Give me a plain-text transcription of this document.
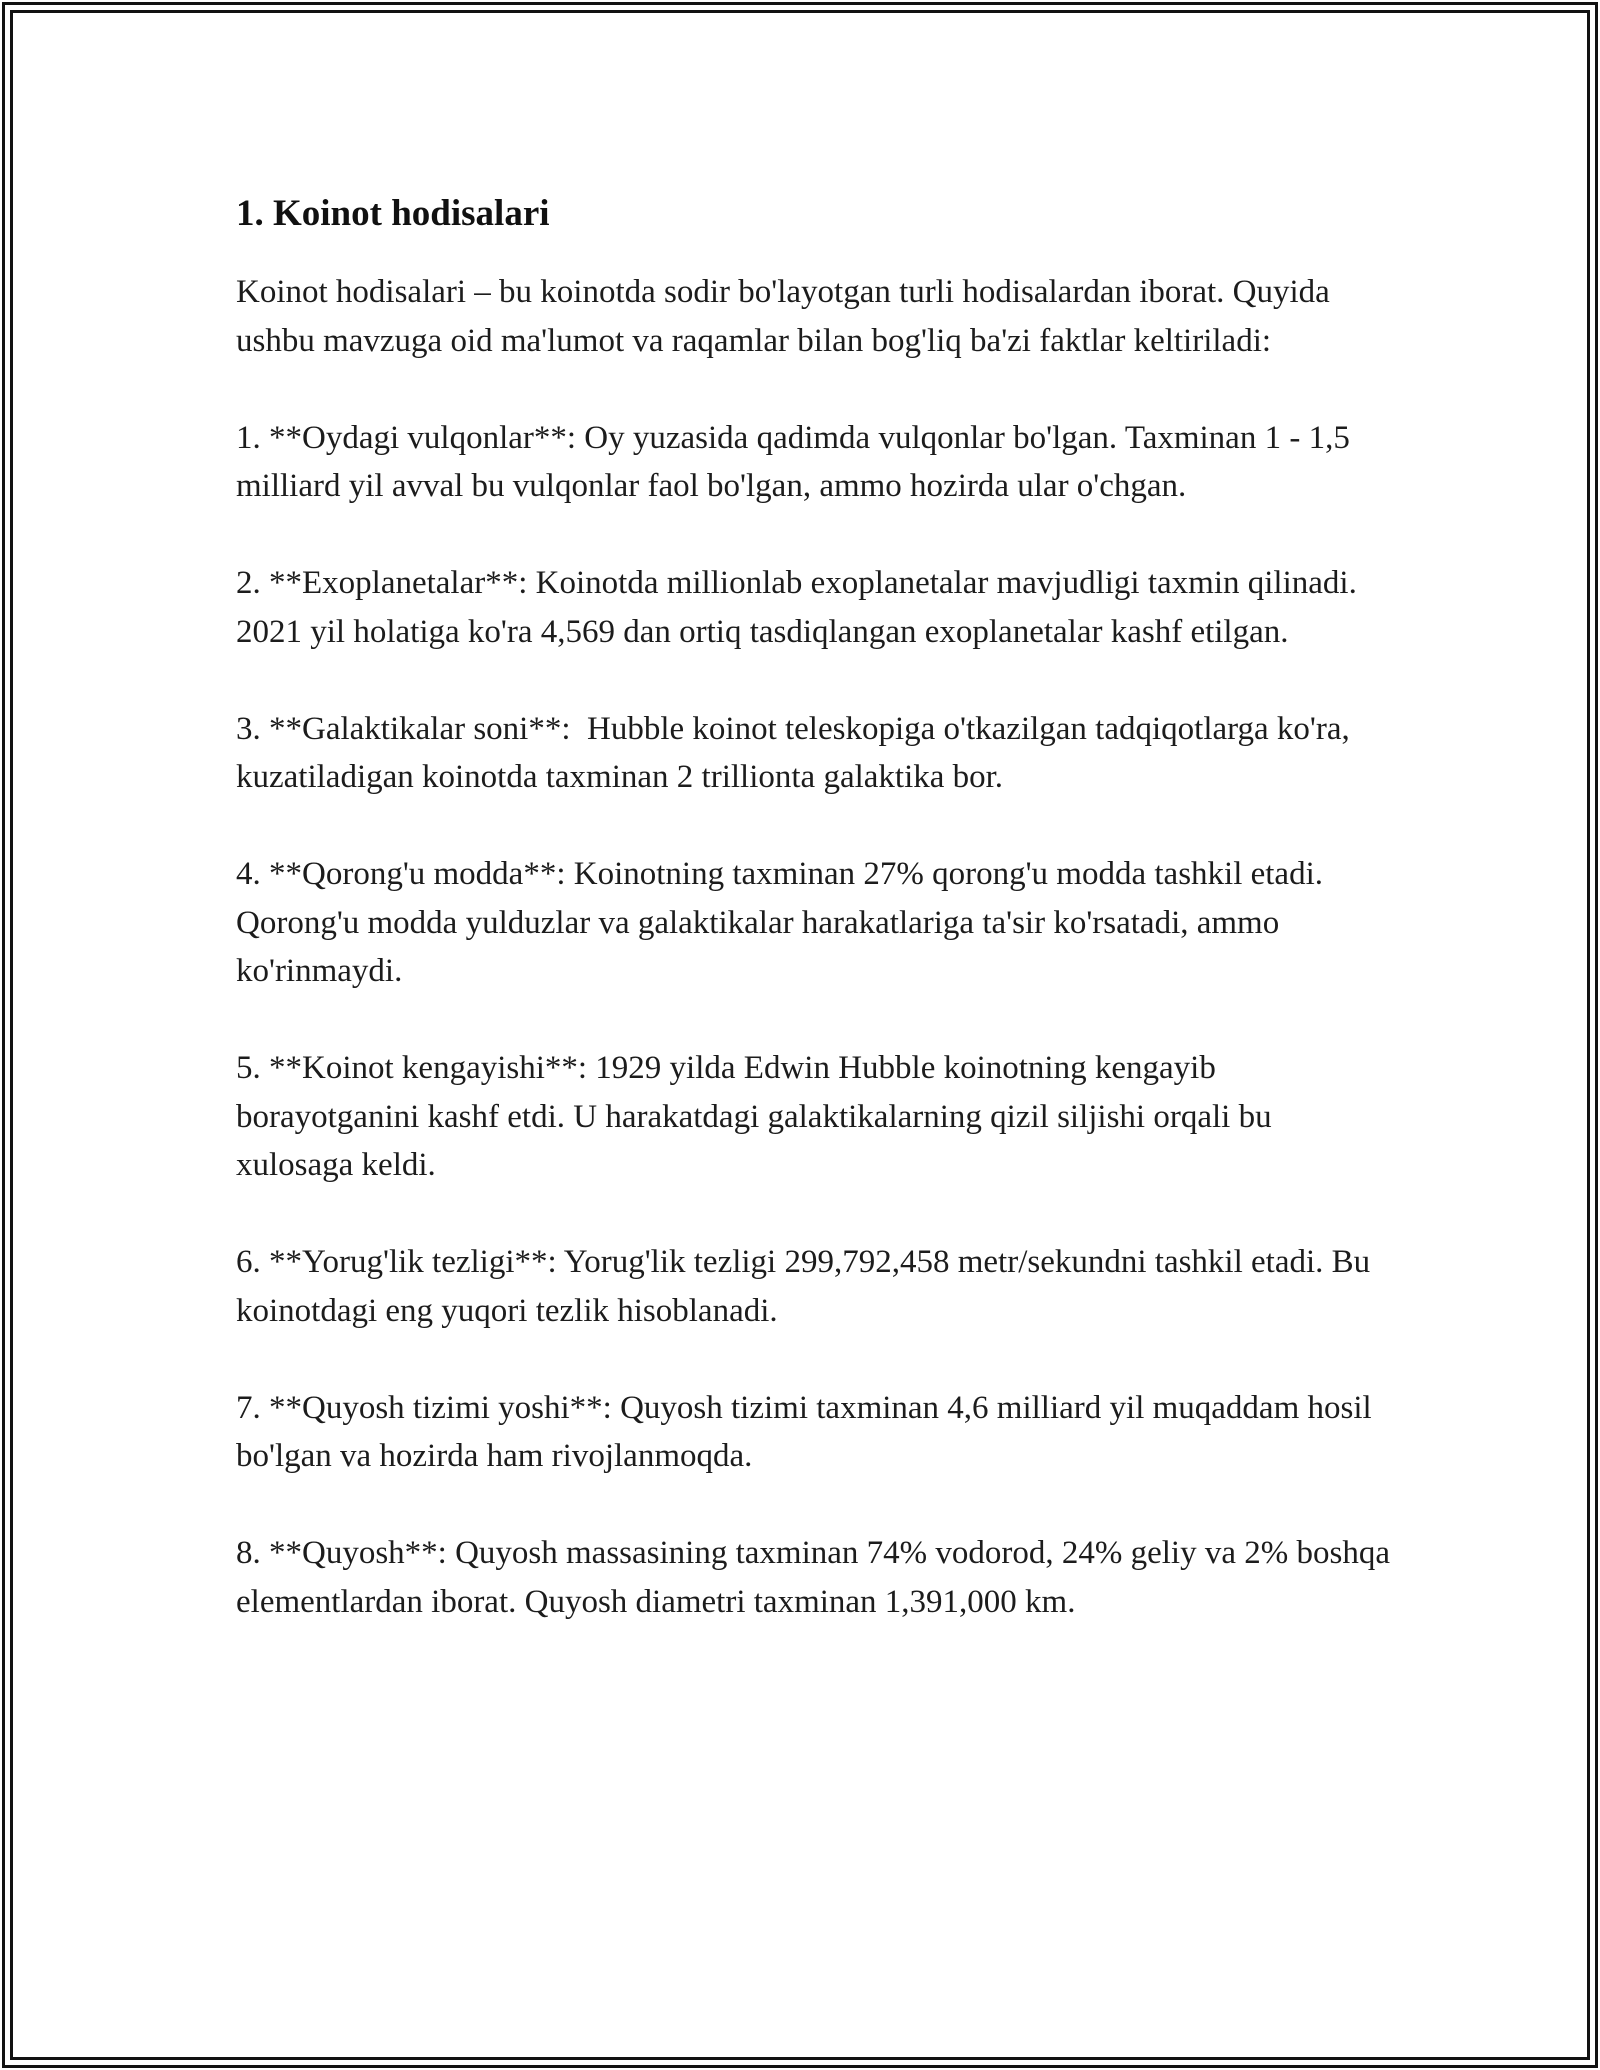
1. Koinot hodisalari

Koinot hodisalari – bu koinotda sodir bo'layotgan turli hodisalardan iborat. Quyida ushbu mavzuga oid ma'lumot va raqamlar bilan bog'liq ba'zi faktlar keltiriladi:

1. **Oydagi vulqonlar**: Oy yuzasida qadimda vulqonlar bo'lgan. Taxminan 1 - 1,5 milliard yil avval bu vulqonlar faol bo'lgan, ammo hozirda ular o'chgan.

2. **Exoplanetalar**: Koinotda millionlab exoplanetalar mavjudligi taxmin qilinadi. 2021 yil holatiga ko'ra 4,569 dan ortiq tasdiqlangan exoplanetalar kashf etilgan.

3. **Galaktikalar soni**:  Hubble koinot teleskopiga o'tkazilgan tadqiqotlarga ko'ra, kuzatiladigan koinotda taxminan 2 trillionta galaktika bor.

4. **Qorong'u modda**: Koinotning taxminan 27% qorong'u modda tashkil etadi. Qorong'u modda yulduzlar va galaktikalar harakatlariga ta'sir ko'rsatadi, ammo ko'rinmaydi.

5. **Koinot kengayishi**: 1929 yilda Edwin Hubble koinotning kengayib borayotganini kashf etdi. U harakatdagi galaktikalarning qizil siljishi orqali bu xulosaga keldi.

6. **Yorug'lik tezligi**: Yorug'lik tezligi 299,792,458 metr/sekundni tashkil etadi. Bu koinotdagi eng yuqori tezlik hisoblanadi.

7. **Quyosh tizimi yoshi**: Quyosh tizimi taxminan 4,6 milliard yil muqaddam hosil bo'lgan va hozirda ham rivojlanmoqda.

8. **Quyosh**: Quyosh massasining taxminan 74% vodorod, 24% geliy va 2% boshqa elementlardan iborat. Quyosh diametri taxminan 1,391,000 km.
